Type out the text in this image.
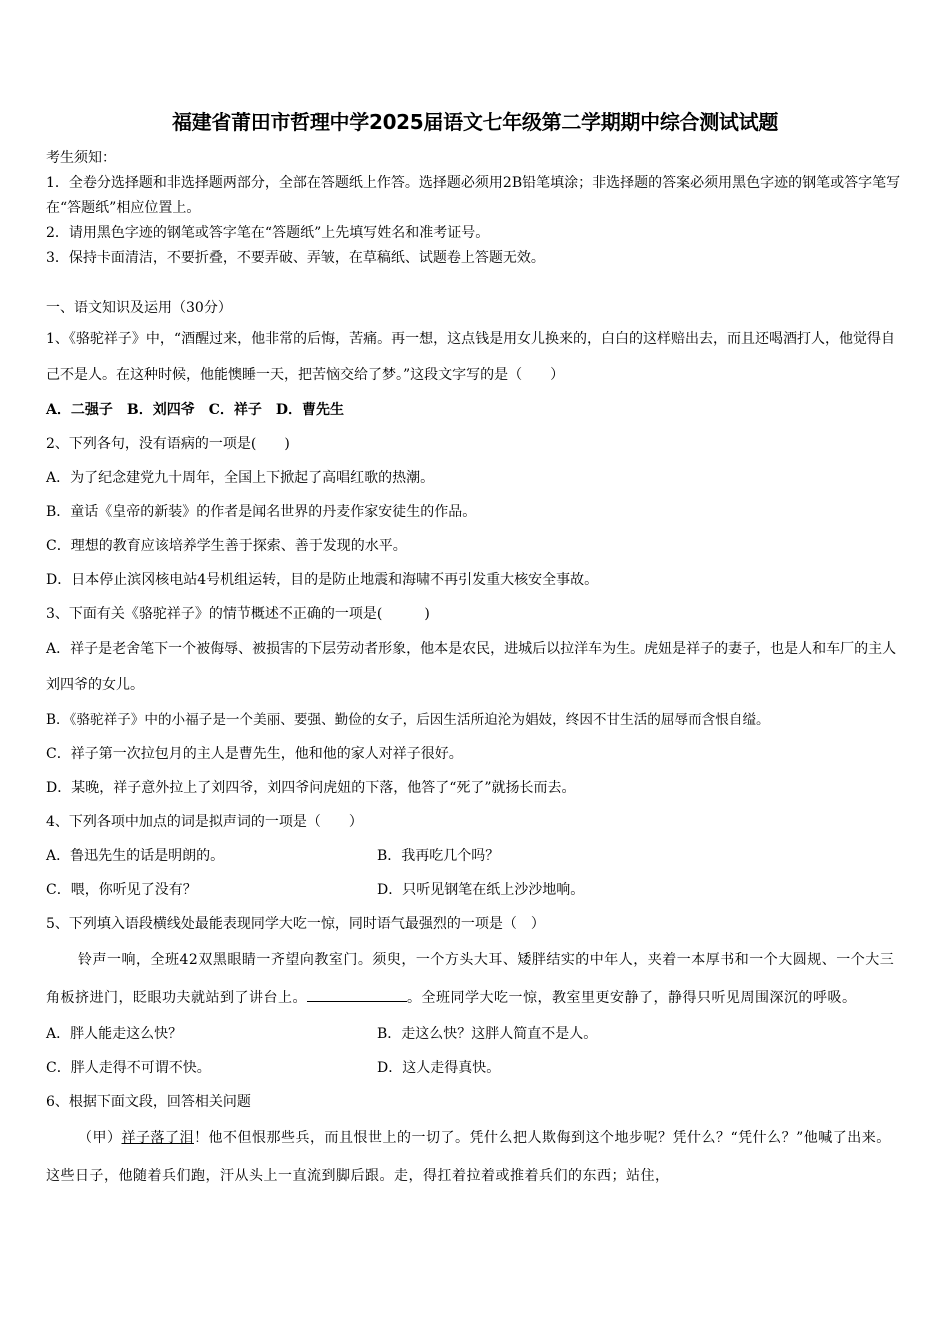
福建省莆田市哲理中学2025届语文七年级第二学期期中综合测试试题
考生须知：
1．全卷分选择题和非选择题两部分，全部在答题纸上作答。选择题必须用2B铅笔填涂；非选择题的答案必须用黑色字迹的钢笔或答字笔写在“答题纸”相应位置上。
2．请用黑色字迹的钢笔或答字笔在“答题纸”上先填写姓名和准考证号。
3．保持卡面清洁，不要折叠，不要弄破、弄皱，在草稿纸、试题卷上答题无效。
一、语文知识及运用（30分）
1、《骆驼祥子》中，“酒醒过来，他非常的后悔，苦痛。再一想，这点钱是用女儿换来的，白白的这样赔出去，而且还喝酒打人，他觉得自己不是人。在这种时候，他能懊睡一天，把苦恼交给了梦。”这段文字写的是（　　）
A．二强子　B．刘四爷　C．祥子　D．曹先生
2、下列各句，没有语病的一项是(　　)
A．为了纪念建党九十周年，全国上下掀起了高唱红歌的热潮。
B．童话《皇帝的新装》的作者是闻名世界的丹麦作家安徒生的作品。
C．理想的教育应该培养学生善于探索、善于发现的水平。
D．日本停止滨冈核电站4号机组运转，目的是防止地震和海啸不再引发重大核安全事故。
3、下面有关《骆驼祥子》的情节概述不正确的一项是(　　　)
A．祥子是老舍笔下一个被侮辱、被损害的下层劳动者形象，他本是农民，进城后以拉洋车为生。虎妞是祥子的妻子，也是人和车厂的主人刘四爷的女儿。
B．《骆驼祥子》中的小福子是一个美丽、要强、勤俭的女子，后因生活所迫沦为娼妓，终因不甘生活的屈辱而含恨自缢。
C．祥子第一次拉包月的主人是曹先生，他和他的家人对祥子很好。
D．某晚，祥子意外拉上了刘四爷，刘四爷问虎妞的下落，他答了“死了”就扬长而去。
4、下列各项中加点的词是拟声词的一项是（　　）
A．鲁迅先生的话是明朗的。	B．我再吃几个吗？
C．喂，你听见了没有？	D．只听见钢笔在纸上沙沙地响。
5、下列填入语段横线处最能表现同学大吃一惊，同时语气最强烈的一项是（　）
铃声一响，全班42双黑眼睛一齐望向教室门。须臾，一个方头大耳、矮胖结实的中年人，夹着一本厚书和一个大圆规、一个大三角板挤进门，眨眼功夫就站到了讲台上。	。全班同学大吃一惊，教室里更安静了，静得只听见周围深沉的呼吸。
A．胖人能走这么快？	B．走这么快？这胖人简直不是人。
C．胖人走得不可谓不快。	D．这人走得真快。
6、根据下面文段，回答相关问题
（甲）祥子落了泪！他不但恨那些兵，而且恨世上的一切了。凭什么把人欺侮到这个地步呢？凭什么？“凭什么？”他喊了出来。这些日子，他随着兵们跑，汗从头上一直流到脚后跟。走，得扛着拉着或推着兵们的东西；站住，
